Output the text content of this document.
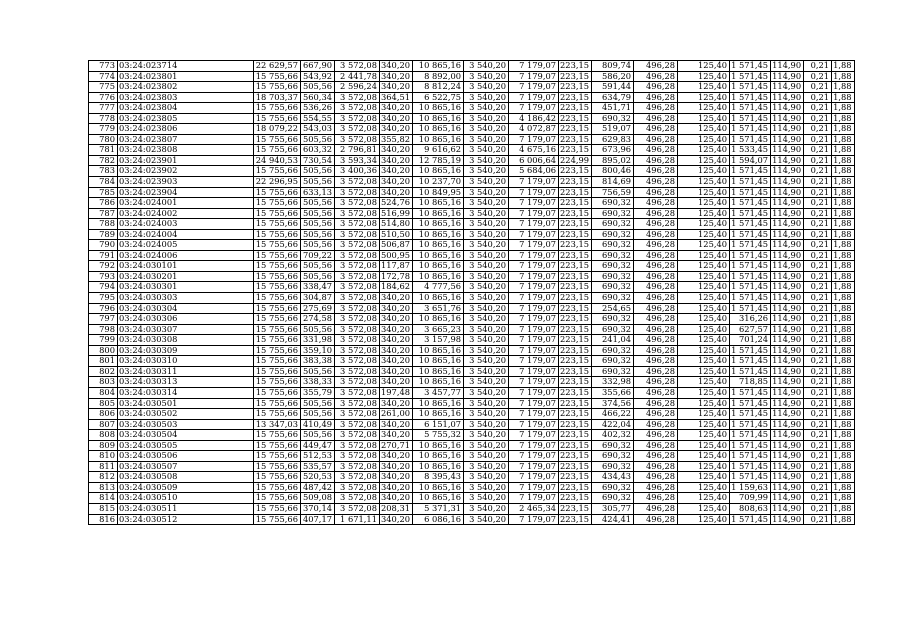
773	03:24:023714	22 629,57	667,90	3 572,08	340,20	10 865,16	3 540,20	7 179,07	223,15	809,74	496,28	125,40	1 571,45	114,90	0,21	1,88
774	03:24:023801	15 755,66	543,92	2 441,78	340,20	8 892,00	3 540,20	7 179,07	223,15	586,20	496,28	125,40	1 571,45	114,90	0,21	1,88
775	03:24:023802	15 755,66	505,56	2 596,24	340,20	8 812,24	3 540,20	7 179,07	223,15	591,44	496,28	125,40	1 571,45	114,90	0,21	1,88
776	03:24:023803	18 703,37	560,34	3 572,08	364,51	6 522,75	3 540,20	7 179,07	223,15	634,79	496,28	125,40	1 571,45	114,90	0,21	1,88
777	03:24:023804	15 755,66	536,26	3 572,08	340,20	10 865,16	3 540,20	7 179,07	223,15	451,71	496,28	125,40	1 571,45	114,90	0,21	1,88
778	03:24:023805	15 755,66	554,55	3 572,08	340,20	10 865,16	3 540,20	4 186,42	223,15	690,32	496,28	125,40	1 571,45	114,90	0,21	1,88
779	03:24:023806	18 079,22	543,03	3 572,08	340,20	10 865,16	3 540,20	4 072,87	223,15	519,07	496,28	125,40	1 571,45	114,90	0,21	1,88
780	03:24:023807	15 755,66	505,56	3 572,08	355,82	10 865,16	3 540,20	7 179,07	223,15	629,83	496,28	125,40	1 571,45	114,90	0,21	1,88
781	03:24:023808	15 755,66	603,32	2 796,81	340,20	9 616,62	3 540,20	4 675,16	223,15	673,96	496,28	125,40	1 533,45	114,90	0,21	1,88
782	03:24:023901	24 940,53	730,54	3 593,34	340,20	12 785,19	3 540,20	6 006,64	224,99	895,02	496,28	125,40	1 594,07	114,90	0,21	1,88
783	03:24:023902	15 755,66	505,56	3 400,36	340,20	10 865,16	3 540,20	5 684,06	223,15	800,46	496,28	125,40	1 571,45	114,90	0,21	1,88
784	03:24:023903	22 296,95	505,56	3 572,08	340,20	10 237,70	3 540,20	7 179,07	223,15	814,69	496,28	125,40	1 571,45	114,90	0,21	1,88
785	03:24:023904	15 755,66	633,13	3 572,08	340,20	10 849,95	3 540,20	7 179,07	223,15	756,59	496,28	125,40	1 571,45	114,90	0,21	1,88
786	03:24:024001	15 755,66	505,56	3 572,08	524,76	10 865,16	3 540,20	7 179,07	223,15	690,32	496,28	125,40	1 571,45	114,90	0,21	1,88
787	03:24:024002	15 755,66	505,56	3 572,08	516,99	10 865,16	3 540,20	7 179,07	223,15	690,32	496,28	125,40	1 571,45	114,90	0,21	1,88
788	03:24:024003	15 755,66	505,56	3 572,08	514,80	10 865,16	3 540,20	7 179,07	223,15	690,32	496,28	125,40	1 571,45	114,90	0,21	1,88
789	03:24:024004	15 755,66	505,56	3 572,08	510,50	10 865,16	3 540,20	7 179,07	223,15	690,32	496,28	125,40	1 571,45	114,90	0,21	1,88
790	03:24:024005	15 755,66	505,56	3 572,08	506,87	10 865,16	3 540,20	7 179,07	223,15	690,32	496,28	125,40	1 571,45	114,90	0,21	1,88
791	03:24:024006	15 755,66	709,22	3 572,08	500,95	10 865,16	3 540,20	7 179,07	223,15	690,32	496,28	125,40	1 571,45	114,90	0,21	1,88
792	03:24:030101	15 755,66	505,56	3 572,08	117,87	10 865,16	3 540,20	7 179,07	223,15	690,32	496,28	125,40	1 571,45	114,90	0,21	1,88
793	03:24:030201	15 755,66	505,56	3 572,08	172,78	10 865,16	3 540,20	7 179,07	223,15	690,32	496,28	125,40	1 571,45	114,90	0,21	1,88
794	03:24:030301	15 755,66	338,47	3 572,08	184,62	4 777,56	3 540,20	7 179,07	223,15	690,32	496,28	125,40	1 571,45	114,90	0,21	1,88
795	03:24:030303	15 755,66	304,87	3 572,08	340,20	10 865,16	3 540,20	7 179,07	223,15	690,32	496,28	125,40	1 571,45	114,90	0,21	1,88
796	03:24:030304	15 755,66	275,69	3 572,08	340,20	3 651,76	3 540,20	7 179,07	223,15	254,65	496,28	125,40	1 571,45	114,90	0,21	1,88
797	03:24:030306	15 755,66	274,58	3 572,08	340,20	10 865,16	3 540,20	7 179,07	223,15	690,32	496,28	125,40	316,26	114,90	0,21	1,88
798	03:24:030307	15 755,66	505,56	3 572,08	340,20	3 665,23	3 540,20	7 179,07	223,15	690,32	496,28	125,40	627,57	114,90	0,21	1,88
799	03:24:030308	15 755,66	331,98	3 572,08	340,20	3 157,98	3 540,20	7 179,07	223,15	241,04	496,28	125,40	701,24	114,90	0,21	1,88
800	03:24:030309	15 755,66	359,10	3 572,08	340,20	10 865,16	3 540,20	7 179,07	223,15	690,32	496,28	125,40	1 571,45	114,90	0,21	1,88
801	03:24:030310	15 755,66	383,38	3 572,08	340,20	10 865,16	3 540,20	7 179,07	223,15	690,32	496,28	125,40	1 571,45	114,90	0,21	1,88
802	03:24:030311	15 755,66	505,56	3 572,08	340,20	10 865,16	3 540,20	7 179,07	223,15	690,32	496,28	125,40	1 571,45	114,90	0,21	1,88
803	03:24:030313	15 755,66	338,33	3 572,08	340,20	10 865,16	3 540,20	7 179,07	223,15	332,98	496,28	125,40	718,85	114,90	0,21	1,88
804	03:24:030314	15 755,66	355,79	3 572,08	197,48	3 457,77	3 540,20	7 179,07	223,15	355,66	496,28	125,40	1 571,45	114,90	0,21	1,88
805	03:24:030501	15 755,66	505,56	3 572,08	340,20	10 865,16	3 540,20	7 179,07	223,15	374,56	496,28	125,40	1 571,45	114,90	0,21	1,88
806	03:24:030502	15 755,66	505,56	3 572,08	261,00	10 865,16	3 540,20	7 179,07	223,15	466,22	496,28	125,40	1 571,45	114,90	0,21	1,88
807	03:24:030503	13 347,03	410,49	3 572,08	340,20	6 151,07	3 540,20	7 179,07	223,15	422,04	496,28	125,40	1 571,45	114,90	0,21	1,88
808	03:24:030504	15 755,66	505,56	3 572,08	340,20	5 755,32	3 540,20	7 179,07	223,15	402,32	496,28	125,40	1 571,45	114,90	0,21	1,88
809	03:24:030505	15 755,66	449,47	3 572,08	270,71	10 865,16	3 540,20	7 179,07	223,15	690,32	496,28	125,40	1 571,45	114,90	0,21	1,88
810	03:24:030506	15 755,66	512,53	3 572,08	340,20	10 865,16	3 540,20	7 179,07	223,15	690,32	496,28	125,40	1 571,45	114,90	0,21	1,88
811	03:24:030507	15 755,66	535,57	3 572,08	340,20	10 865,16	3 540,20	7 179,07	223,15	690,32	496,28	125,40	1 571,45	114,90	0,21	1,88
812	03:24:030508	15 755,66	520,53	3 572,08	340,20	8 395,43	3 540,20	7 179,07	223,15	434,43	496,28	125,40	1 571,45	114,90	0,21	1,88
813	03:24:030509	15 755,66	487,42	3 572,08	340,20	10 865,16	3 540,20	7 179,07	223,15	690,32	496,28	125,40	1 159,63	114,90	0,21	1,88
814	03:24:030510	15 755,66	509,08	3 572,08	340,20	10 865,16	3 540,20	7 179,07	223,15	690,32	496,28	125,40	709,99	114,90	0,21	1,88
815	03:24:030511	15 755,66	370,14	3 572,08	208,31	5 371,31	3 540,20	2 465,34	223,15	305,77	496,28	125,40	808,63	114,90	0,21	1,88
816	03:24:030512	15 755,66	407,17	1 671,11	340,20	6 086,16	3 540,20	7 179,07	223,15	424,41	496,28	125,40	1 571,45	114,90	0,21	1,88
